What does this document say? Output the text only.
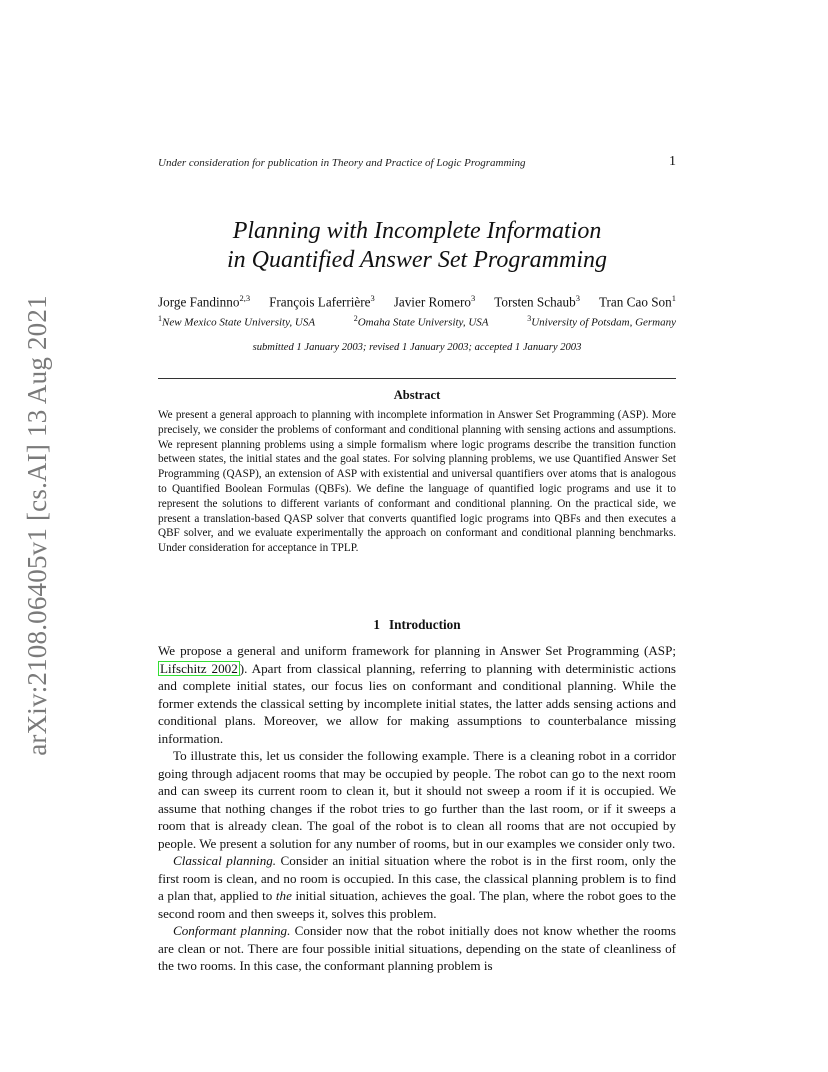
arXiv:2108.06405v1 [cs.AI] 13 Aug 2021
Under consideration for publication in Theory and Practice of Logic Programming	1
Planning with Incomplete Information
in Quantified Answer Set Programming
Jorge Fandinno$^{2,3}$ François Laferrière$^3$ Javier Romero$^3$ Torsten Schaub$^3$ Tran Cao Son$^1$
$^1$New Mexico State University, USA	$^2$Omaha State University, USA	$^3$University of Potsdam, Germany
submitted 1 January 2003; revised 1 January 2003; accepted 1 January 2003
Abstract
We present a general approach to planning with incomplete information in Answer Set Programming (ASP). More precisely, we consider the problems of conformant and conditional planning with sensing actions and assumptions. We represent planning problems using a simple formalism where logic programs describe the transition function between states, the initial states and the goal states. For solving planning problems, we use Quantified Answer Set Programming (QASP), an extension of ASP with existential and universal quantifiers over atoms that is analogous to Quantified Boolean Formulas (QBFs). We define the language of quantified logic programs and use it to represent the solutions to different variants of conformant and conditional planning. On the practical side, we present a translation-based QASP solver that converts quantified logic programs into QBFs and then executes a QBF solver, and we evaluate experimentally the approach on conformant and conditional planning benchmarks. Under consideration for acceptance in TPLP.
1 Introduction

We propose a general and uniform framework for planning in Answer Set Programming (ASP; Lifschitz 2002 ). Apart from classical planning, referring to planning with deterministic actions and complete initial states, our focus lies on conformant and conditional planning. While the former extends the classical setting by incomplete initial states, the latter adds sensing actions and conditional plans. Moreover, we allow for making assumptions to counterbalance missing information.

To illustrate this, let us consider the following example. There is a cleaning robot in a corridor going through adjacent rooms that may be occupied by people. The robot can go to the next room and can sweep its current room to clean it, but it should not sweep a room if it is occupied. We assume that nothing changes if the robot tries to go further than the last room, or if it sweeps a room that is already clean. The goal of the robot is to clean all rooms that are not occupied by people. We present a solution for any number of rooms, but in our examples we consider only two.

Classical planning. Consider an initial situation where the robot is in the first room, only the first room is clean, and no room is occupied. In this case, the classical planning problem is to find a plan that, applied to the initial situation, achieves the goal. The plan, where the robot goes to the second room and then sweeps it, solves this problem.

Conformant planning. Consider now that the robot initially does not know whether the rooms are clean or not. There are four possible initial situations, depending on the state of cleanliness of the two rooms. In this case, the conformant planning problem is
